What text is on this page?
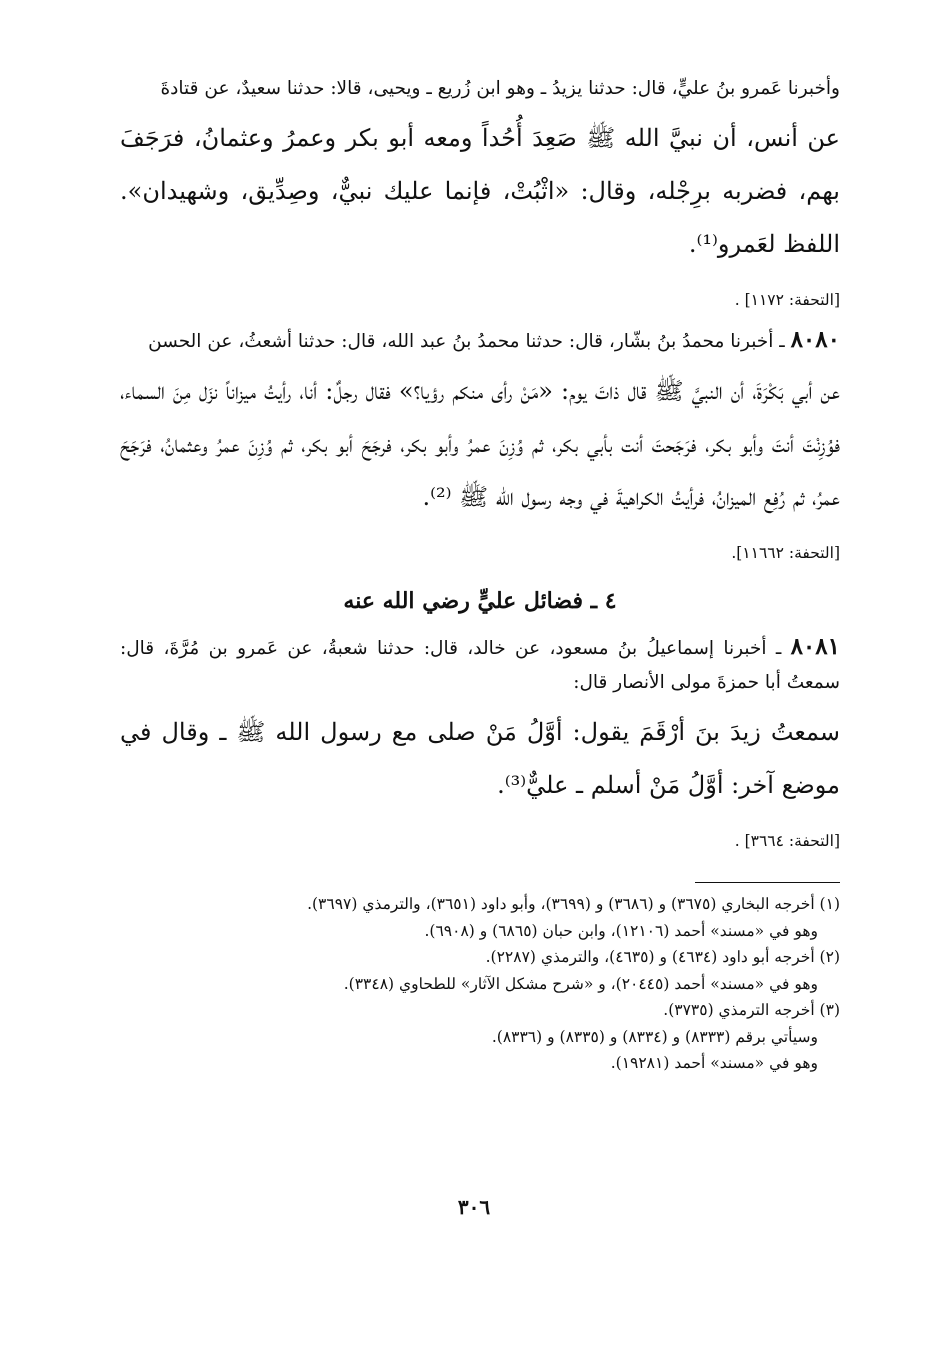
وأخبرنا عَمرو بنُ عليٍّ، قال: حدثنا يزيدُ ـ وهو ابن زُريع ـ ويحيى، قالا: حدثنا سعيدٌ، عن قتادةَ

عن أنس، أن نبيَّ الله ﷺ صَعِدَ أُحُداً ومعه أبو بكر وعمرُ وعثمانُ، فرَجَفَ بهم، فضربه برِجْله، وقال: «اثْبُتْ، فإنما عليك نبيٌّ، وصِدِّيق، وشهيدان». اللفظ لعَمرو⁽¹⁾.

[التحفة: ١١٧٢] .

٨٠٨٠ ـ أخبرنا محمدُ بنُ بشّار، قال: حدثنا محمدُ بنُ عبد الله، قال: حدثنا أشعثُ، عن الحسن

عن أبي بَكْرَةَ، أن النبيَّ ﷺ قال ذاتَ يوم: «مَنْ رأى منكم رؤيا؟» فقال رجلٌ: أنا، رأيتُ ميزاناً نزَل مِنَ السماء، فوُزِنْتَ أنتَ وأبو بكر، فرَجَحتَ أنت بأبي بكر، ثم وُزِنَ عمرُ وأبو بكر، فرجَحَ أبو بكر، ثم وُزِنَ عمرُ وعثمانُ، فرَجَحَ عمرُ، ثم رُفِع الميزانُ، فرأيتُ الكراهيةَ في وجه رسول الله ﷺ ⁽²⁾.

[التحفة: ١١٦٦٢].

٤ ـ فضائل عليٍّ رضي الله عنه

٨٠٨١ ـ أخبرنا إسماعيلُ بنُ مسعود، عن خالد، قال: حدثنا شعبةُ، عن عَمرو بن مُرَّةَ، قال: سمعتُ أبا حمزةَ مولى الأنصار قال:

سمعتُ زيدَ بنَ أرْقَمَ يقول: أوَّلُ مَنْ صلى مع رسول الله ﷺ ـ وقال في موضع آخر: أوَّلُ مَنْ أسلم ـ عليٌّ⁽³⁾.

[التحفة: ٣٦٦٤] .

(١) أخرجه البخاري (٣٦٧٥) و (٣٦٨٦) و (٣٦٩٩)، وأبو داود (٣٦٥١)، والترمذي (٣٦٩٧).

وهو في «مسند» أحمد (١٢١٠٦)، وابن حبان (٦٨٦٥) و (٦٩٠٨).

(٢) أخرجه أبو داود (٤٦٣٤) و (٤٦٣٥)، والترمذي (٢٢٨٧).

وهو في «مسند» أحمد (٢٠٤٤٥)، و «شرح مشكل الآثار» للطحاوي (٣٣٤٨).

(٣) أخرجه الترمذي (٣٧٣٥).

وسيأتي برقم (٨٣٣٣) و (٨٣٣٤) و (٨٣٣٥) و (٨٣٣٦).

وهو في «مسند» أحمد (١٩٢٨١).

٣٠٦
